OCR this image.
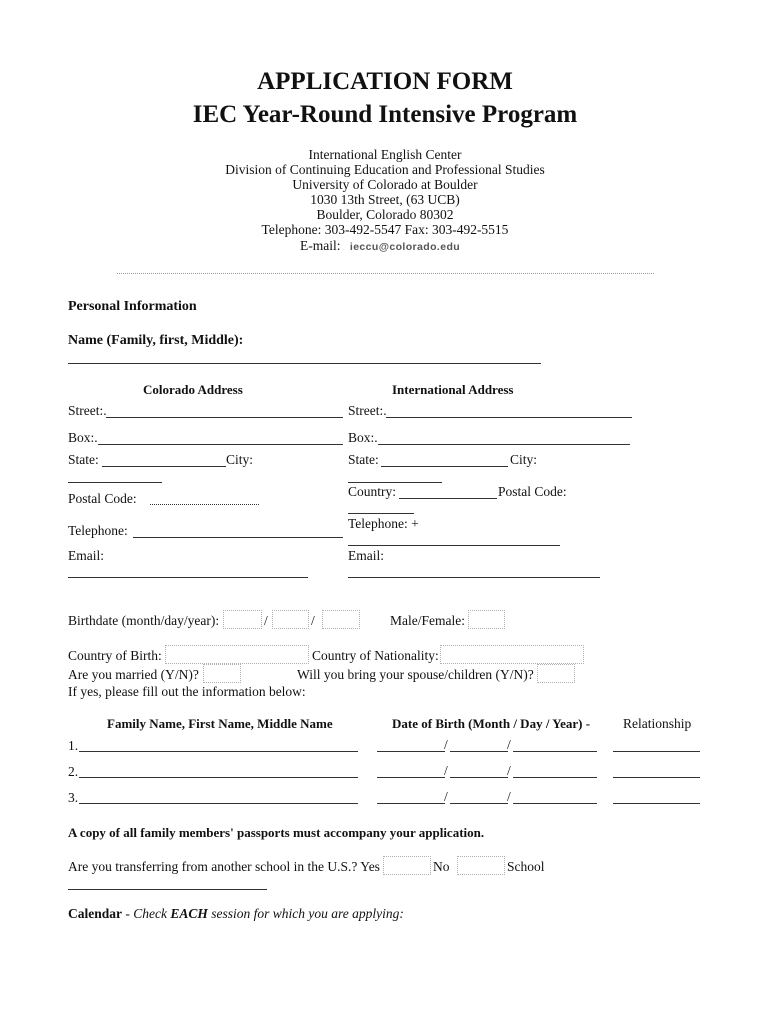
APPLICATION FORM
IEC Year-Round Intensive Program
International English Center
Division of Continuing Education and Professional Studies
University of Colorado at Boulder
1030 13th Street, (63 UCB)
Boulder, Colorado 80302
Telephone: 303-492-5547 Fax: 303-492-5515
E-mail: ieccu@colorado.edu
Personal Information
Name (Family, first, Middle):
Colorado Address	International Address
Street:.
Box:.
State:	City:
Postal Code:
Telephone:
Email:
Street:.
Box:.
State:	City:
Country:	Postal Code:
Telephone: +
Email:
Birthdate (month/day/year):	/	/	Male/Female:
Country of Birth:	Country of Nationality:
Are you married (Y/N)?	Will you bring your spouse/children (Y/N)?
If yes, please fill out the information below:
Family Name, First Name, Middle Name	Date of Birth (Month / Day / Year) - Relationship
1.	/	/
2.	/	/
3.	/	/
A copy of all family members' passports must accompany your application.
Are you transferring from another school in the U.S.? Yes	No	School
Calendar - Check EACH session for which you are applying:
